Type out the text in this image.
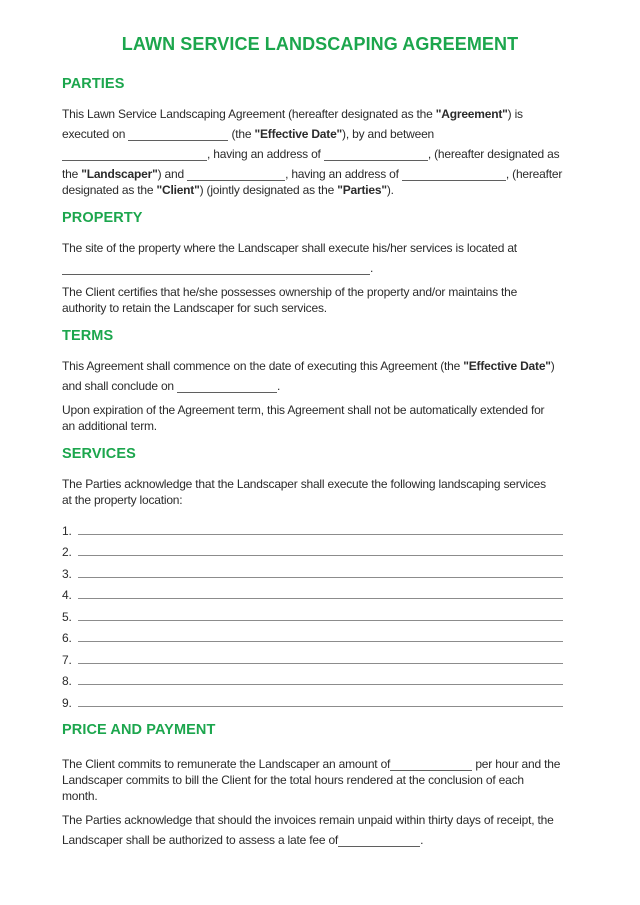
LAWN SERVICE LANDSCAPING AGREEMENT
PARTIES
This Lawn Service Landscaping Agreement (hereafter designated as the "Agreement") is
executed on	(the "Effective Date"), by and between
, having an address of	, (hereafter designated as
the "Landscaper") and	, having an address of	, (hereafter
designated as the "Client") (jointly designated as the "Parties").
PROPERTY
The site of the property where the Landscaper shall execute his/her services is located at
.
The Client certifies that he/she possesses ownership of the property and/or maintains the
authority to retain the Landscaper for such services.
TERMS
This Agreement shall commence on the date of executing this Agreement (the "Effective Date")
and shall conclude on	.
Upon expiration of the Agreement term, this Agreement shall not be automatically extended for
an additional term.
SERVICES
The Parties acknowledge that the Landscaper shall execute the following landscaping services
at the property location:
1.
2.
3.
4.
5.
6.
7.
8.
9.
PRICE AND PAYMENT
The Client commits to remunerate the Landscaper an amount of	per hour and the
Landscaper commits to bill the Client for the total hours rendered at the conclusion of each
month.
The Parties acknowledge that should the invoices remain unpaid within thirty days of receipt, the
Landscaper shall be authorized to assess a late fee of	.
